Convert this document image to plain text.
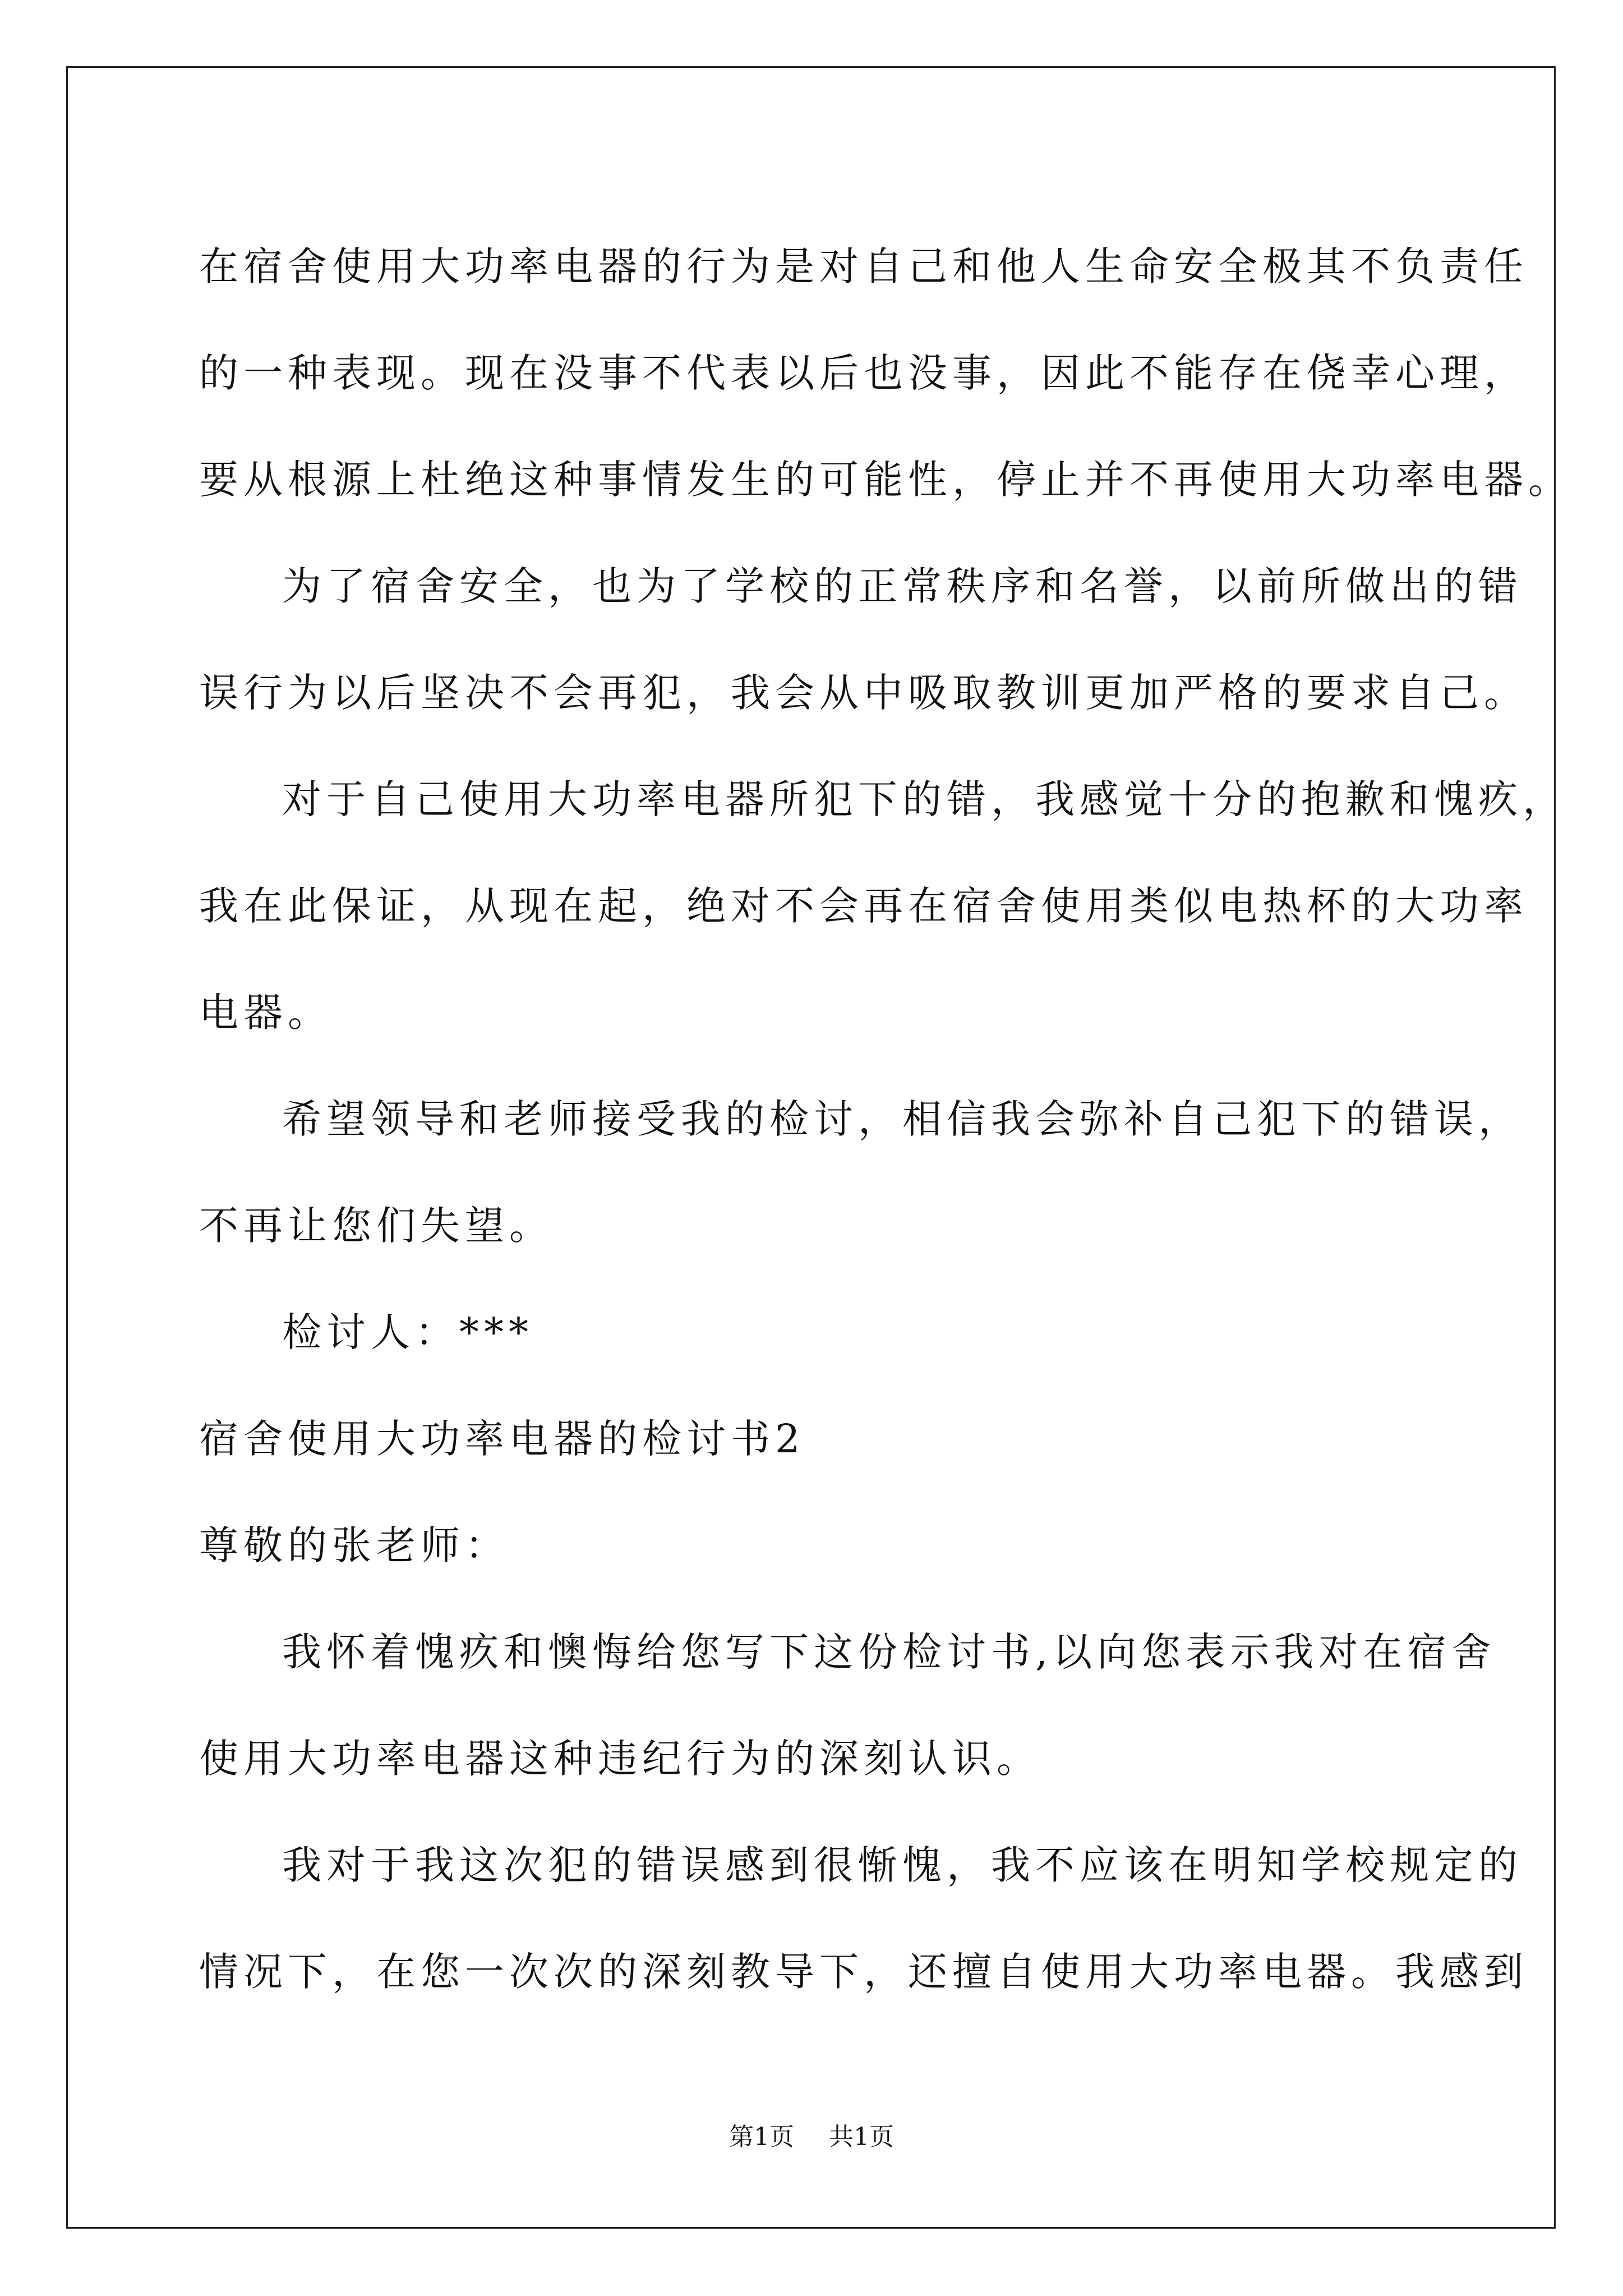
在宿舍使用大功率电器的行为是对自己和他人生命安全极其不负责任
的一种表现。现在没事不代表以后也没事，因此不能存在侥幸心理，
要从根源上杜绝这种事情发生的可能性，停止并不再使用大功率电器。
为了宿舍安全，也为了学校的正常秩序和名誉，以前所做出的错
误行为以后坚决不会再犯，我会从中吸取教训更加严格的要求自己。
对于自己使用大功率电器所犯下的错，我感觉十分的抱歉和愧疚，
我在此保证，从现在起，绝对不会再在宿舍使用类似电热杯的大功率
电器。
希望领导和老师接受我的检讨，相信我会弥补自己犯下的错误，
不再让您们失望。
检讨人：***
宿舍使用大功率电器的检讨书2
尊敬的张老师：
我怀着愧疚和懊悔给您写下这份检讨书,以向您表示我对在宿舍
使用大功率电器这种违纪行为的深刻认识。
我对于我这次犯的错误感到很惭愧，我不应该在明知学校规定的
情况下，在您一次次的深刻教导下，还擅自使用大功率电器。我感到
第1页 共1页
